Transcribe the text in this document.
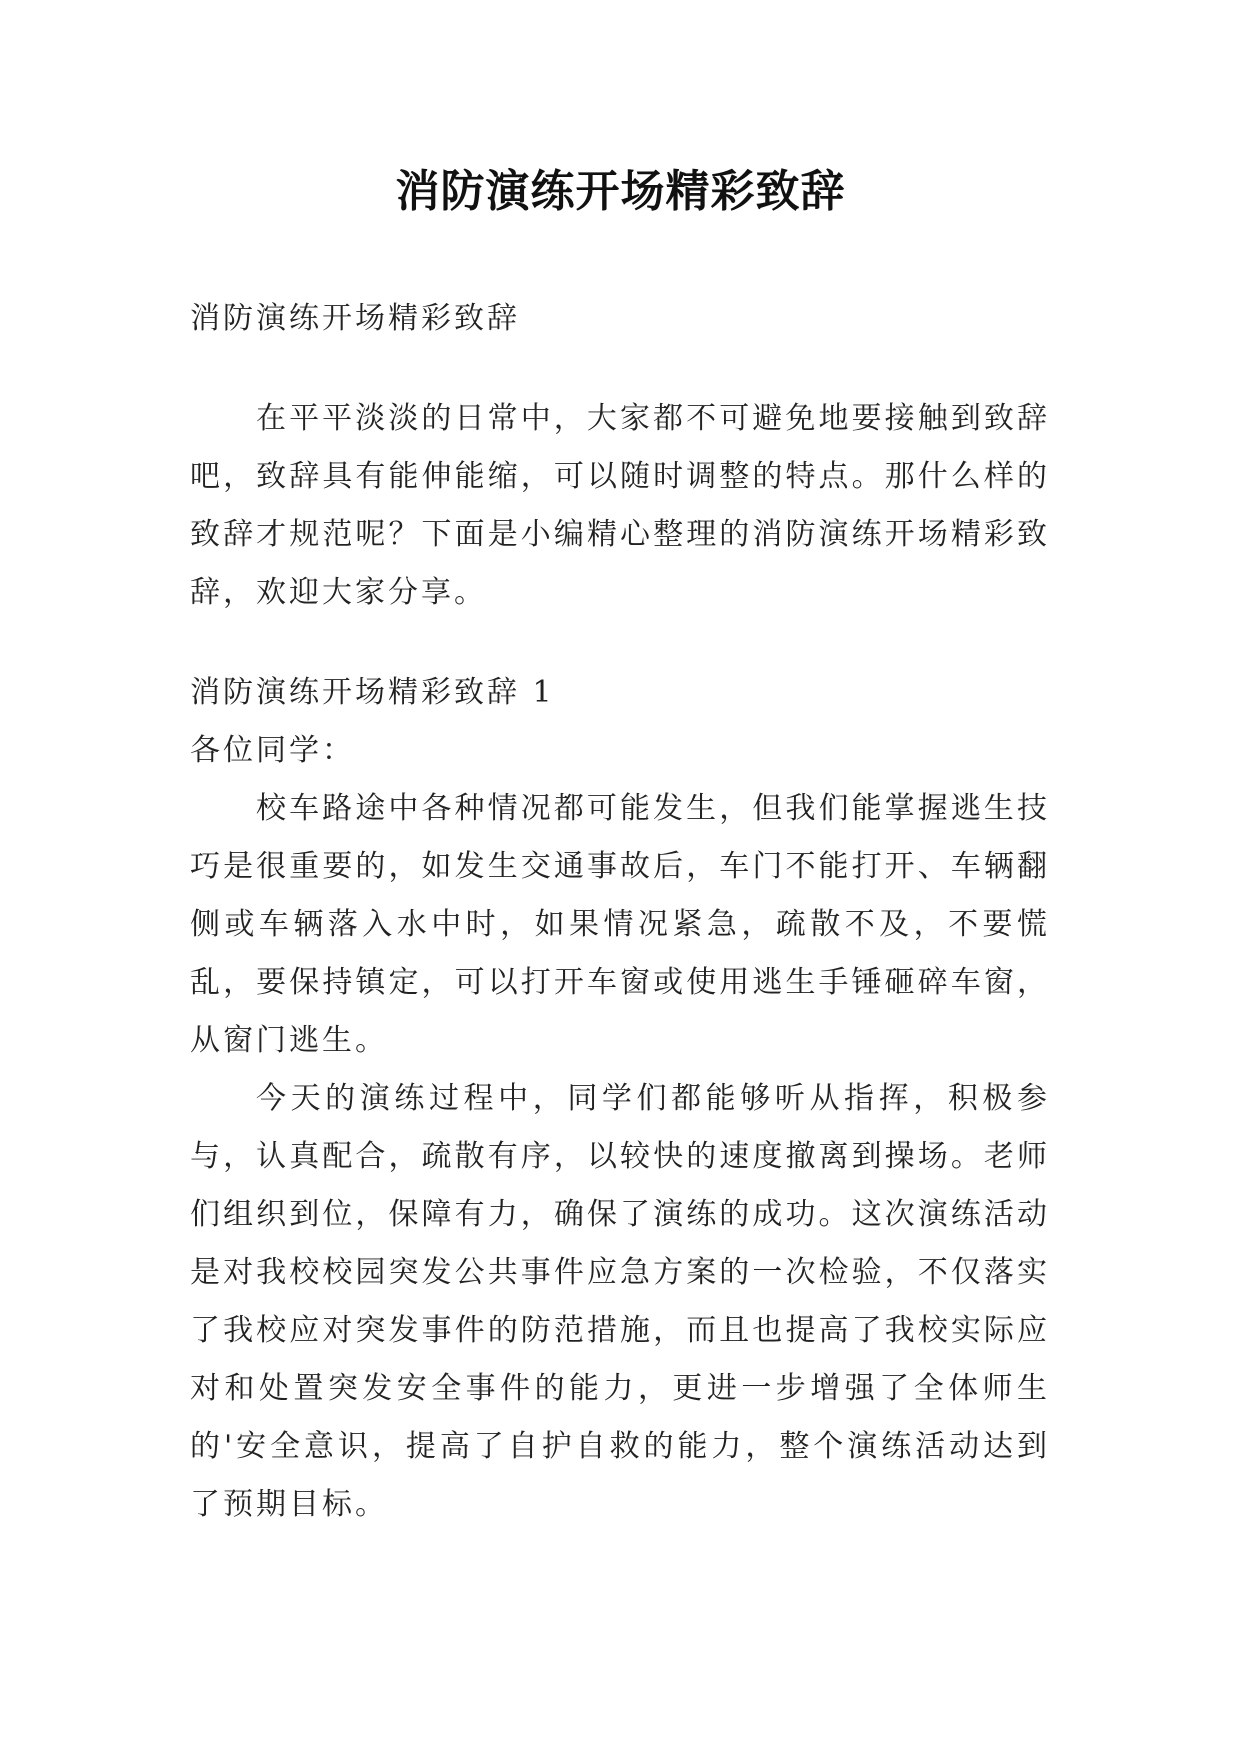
消防演练开场精彩致辞

消防演练开场精彩致辞

在平平淡淡的日常中，大家都不可避免地要接触到致辞吧，致辞具有能伸能缩，可以随时调整的特点。那什么样的致辞才规范呢？下面是小编精心整理的消防演练开场精彩致辞，欢迎大家分享。

消防演练开场精彩致辞 1

各位同学：

校车路途中各种情况都可能发生，但我们能掌握逃生技巧是很重要的，如发生交通事故后，车门不能打开、车辆翻侧或车辆落入水中时，如果情况紧急，疏散不及，不要慌乱，要保持镇定，可以打开车窗或使用逃生手锤砸碎车窗，从窗门逃生。

今天的演练过程中，同学们都能够听从指挥，积极参与，认真配合，疏散有序，以较快的速度撤离到操场。老师们组织到位，保障有力，确保了演练的成功。这次演练活动是对我校校园突发公共事件应急方案的一次检验，不仅落实了我校应对突发事件的防范措施，而且也提高了我校实际应对和处置突发安全事件的能力，更进一步增强了全体师生的'安全意识，提高了自护自救的能力，整个演练活动达到了预期目标。
